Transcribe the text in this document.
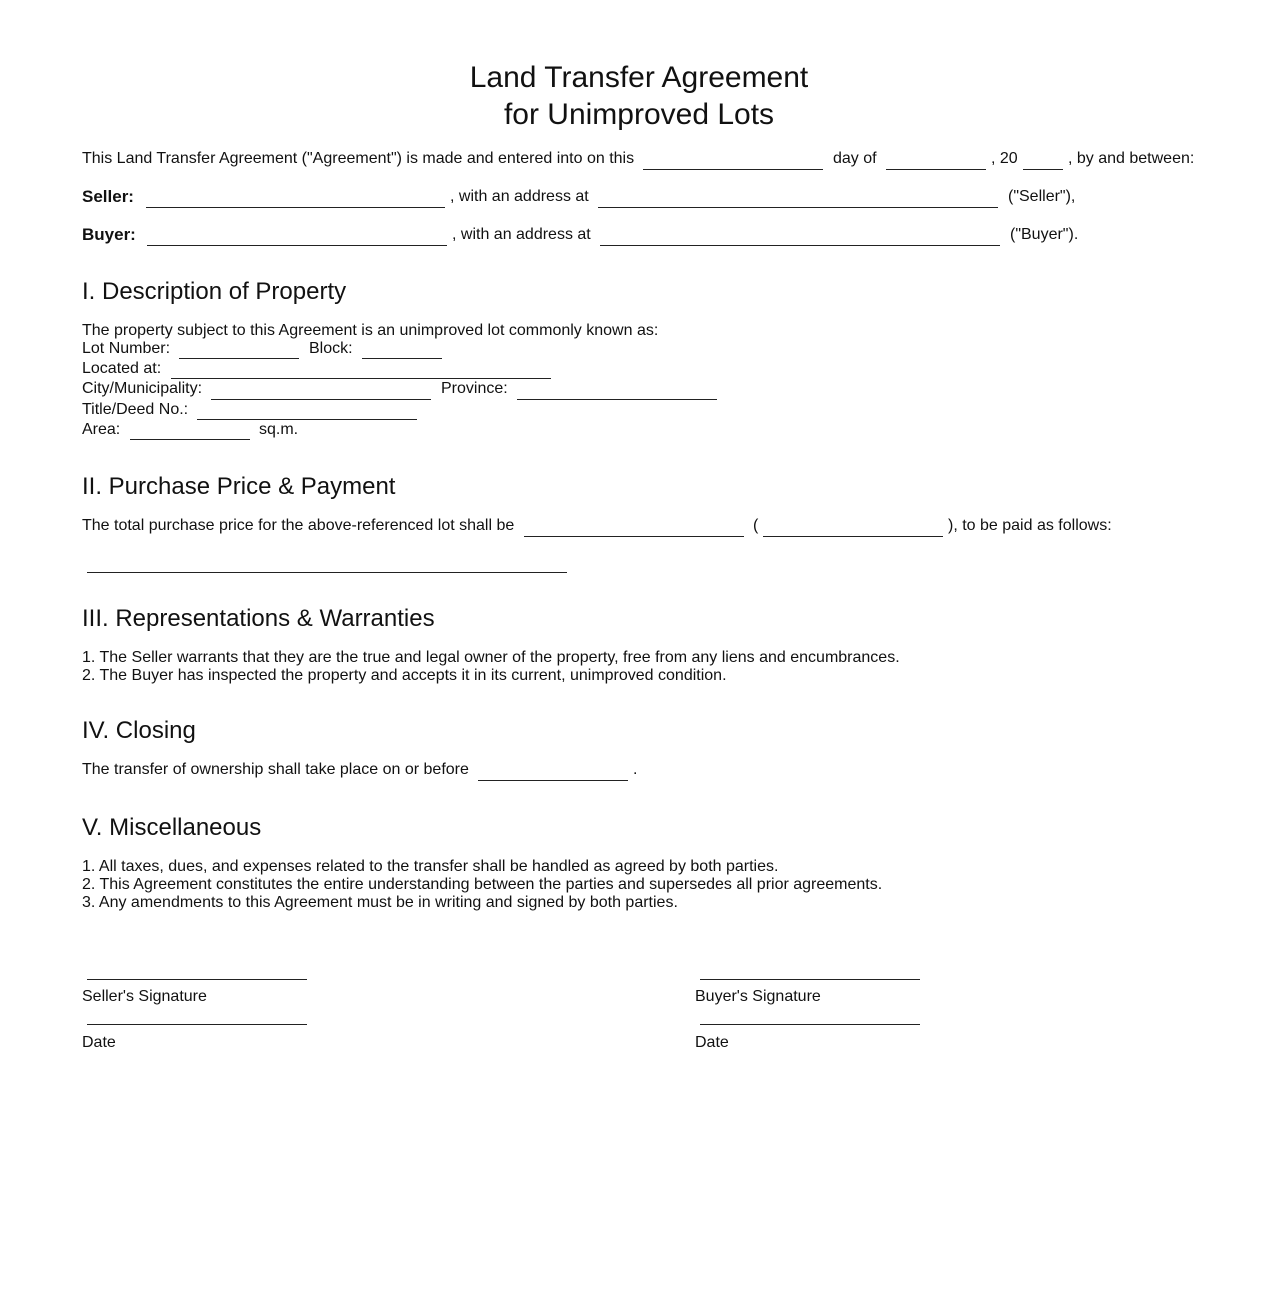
Land Transfer Agreement
for Unimproved Lots
This Land Transfer Agreement ("Agreement") is made and entered into on this	day of	, 20	, by and between:
Seller:	, with an address at	("Seller"),
Buyer:	, with an address at	("Buyer").
I. Description of Property
The property subject to this Agreement is an unimproved lot commonly known as:
Lot Number:	Block:
Located at:
City/Municipality:	Province:
Title/Deed No.:
Area:	sq.m.
II. Purchase Price & Payment
The total purchase price for the above-referenced lot shall be	(	), to be paid as follows:
III. Representations & Warranties
1. The Seller warrants that they are the true and legal owner of the property, free from any liens and encumbrances.
2. The Buyer has inspected the property and accepts it in its current, unimproved condition.
IV. Closing
The transfer of ownership shall take place on or before	.
V. Miscellaneous
1. All taxes, dues, and expenses related to the transfer shall be handled as agreed by both parties.
2. This Agreement constitutes the entire understanding between the parties and supersedes all prior agreements.
3. Any amendments to this Agreement must be in writing and signed by both parties.
Seller's Signature
Date
Buyer's Signature
Date
